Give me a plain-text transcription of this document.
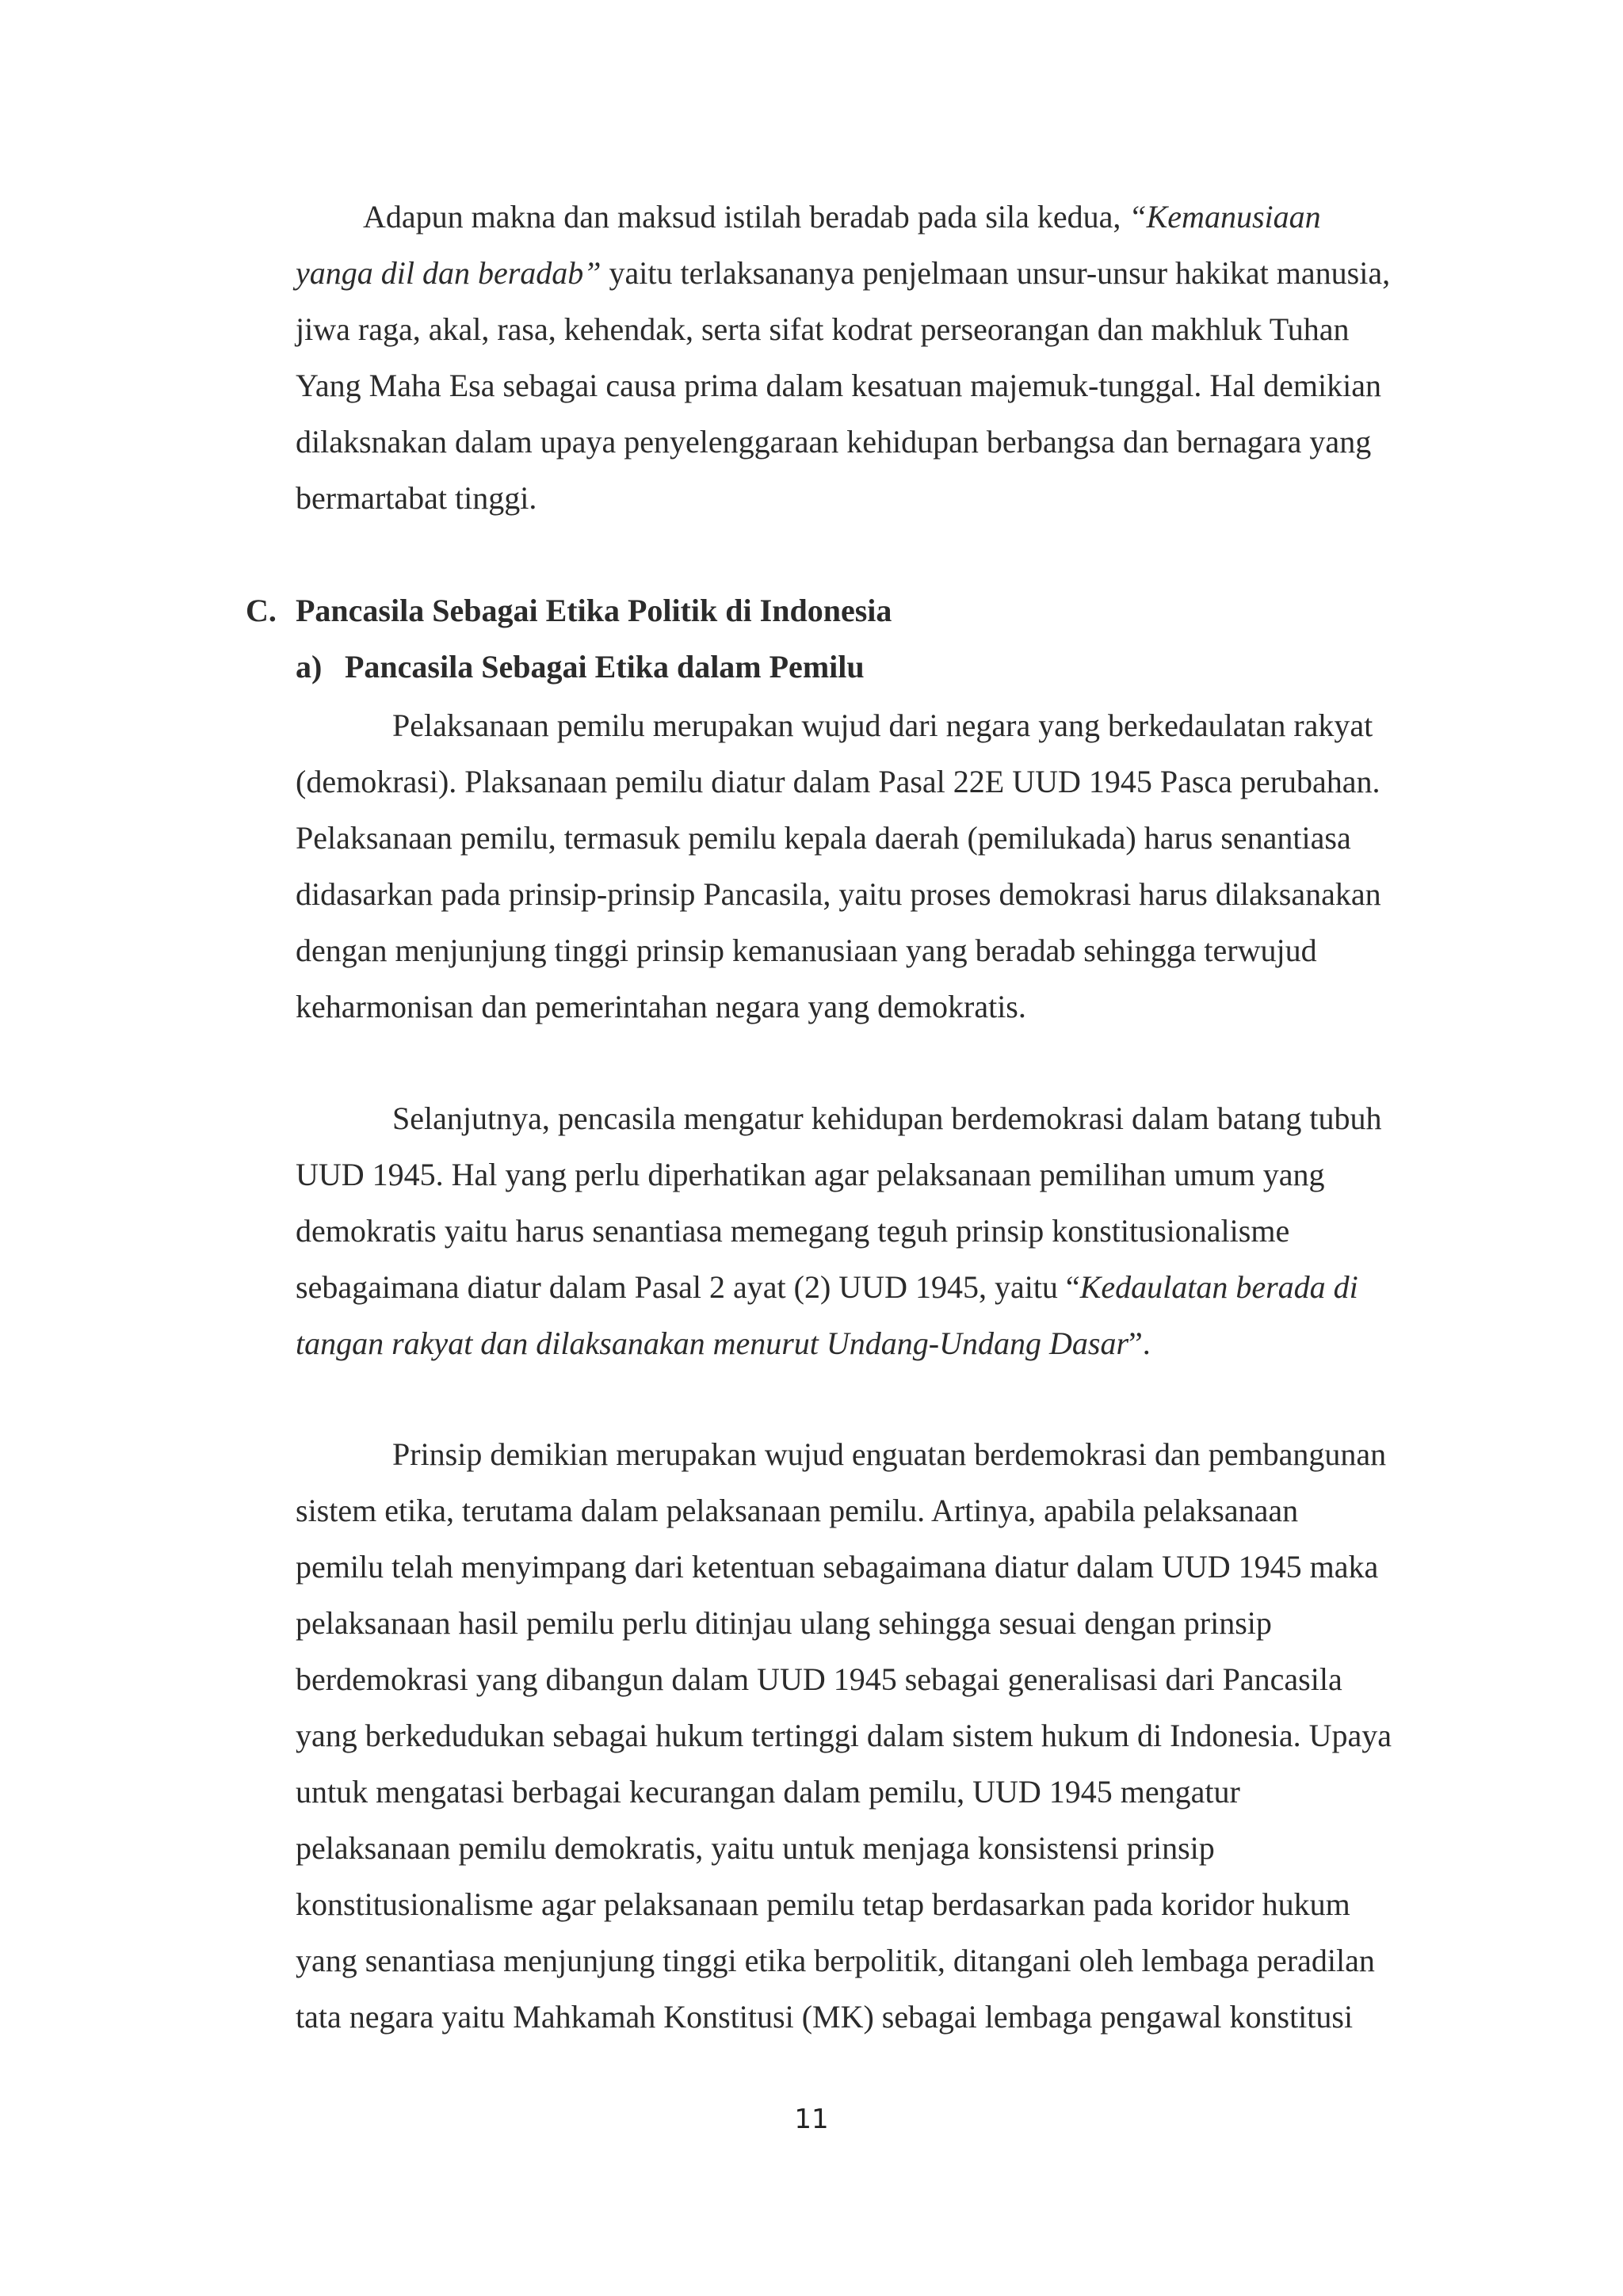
Adapun makna dan maksud istilah beradab pada sila kedua, “Kemanusiaan
yanga dil dan beradab” yaitu terlaksananya penjelmaan unsur-unsur hakikat manusia,
jiwa raga, akal, rasa, kehendak, serta sifat kodrat perseorangan dan makhluk Tuhan
Yang Maha Esa sebagai causa prima dalam kesatuan majemuk-tunggal. Hal demikian
dilaksnakan dalam upaya penyelenggaraan kehidupan berbangsa dan bernagara yang
bermartabat tinggi.
C. Pancasila Sebagai Etika Politik di Indonesia
a) Pancasila Sebagai Etika dalam Pemilu
Pelaksanaan pemilu merupakan wujud dari negara yang berkedaulatan rakyat
(demokrasi). Plaksanaan pemilu diatur dalam Pasal 22E UUD 1945 Pasca perubahan.
Pelaksanaan pemilu, termasuk pemilu kepala daerah (pemilukada) harus senantiasa
didasarkan pada prinsip-prinsip Pancasila, yaitu proses demokrasi harus dilaksanakan
dengan menjunjung tinggi prinsip kemanusiaan yang beradab sehingga terwujud
keharmonisan dan pemerintahan negara yang demokratis.
Selanjutnya, pencasila mengatur kehidupan berdemokrasi dalam batang tubuh
UUD 1945. Hal yang perlu diperhatikan agar pelaksanaan pemilihan umum yang
demokratis yaitu harus senantiasa memegang teguh prinsip konstitusionalisme
sebagaimana diatur dalam Pasal 2 ayat (2) UUD 1945, yaitu “Kedaulatan berada di
tangan rakyat dan dilaksanakan menurut Undang-Undang Dasar”.
Prinsip demikian merupakan wujud enguatan berdemokrasi dan pembangunan
sistem etika, terutama dalam pelaksanaan pemilu. Artinya, apabila pelaksanaan
pemilu telah menyimpang dari ketentuan sebagaimana diatur dalam UUD 1945 maka
pelaksanaan hasil pemilu perlu ditinjau ulang sehingga sesuai dengan prinsip
berdemokrasi yang dibangun dalam UUD 1945 sebagai generalisasi dari Pancasila
yang berkedudukan sebagai hukum tertinggi dalam sistem hukum di Indonesia. Upaya
untuk mengatasi berbagai kecurangan dalam pemilu, UUD 1945 mengatur
pelaksanaan pemilu demokratis, yaitu untuk menjaga konsistensi prinsip
konstitusionalisme agar pelaksanaan pemilu tetap berdasarkan pada koridor hukum
yang senantiasa menjunjung tinggi etika berpolitik, ditangani oleh lembaga peradilan
tata negara yaitu Mahkamah Konstitusi (MK) sebagai lembaga pengawal konstitusi
11
